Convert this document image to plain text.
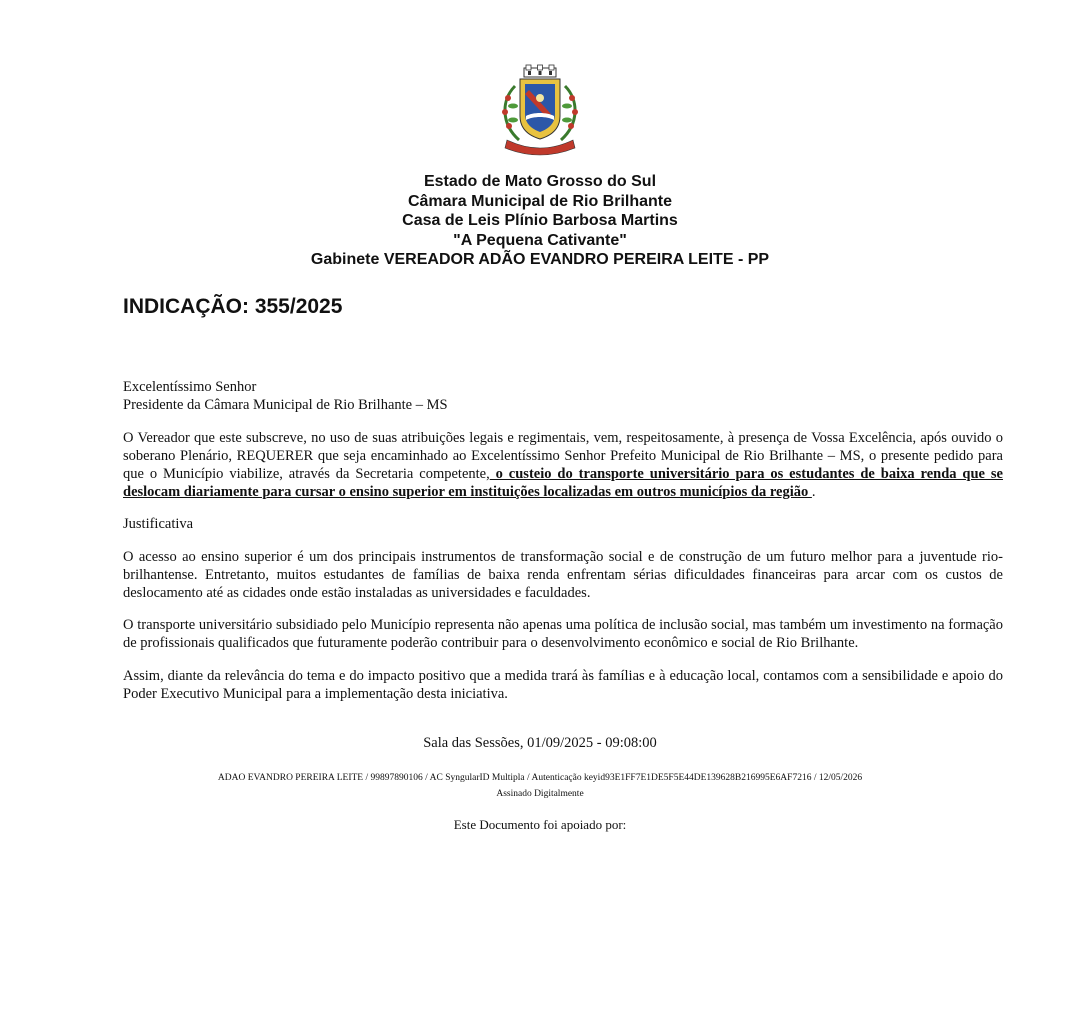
Estado de Mato Grosso do Sul
Câmara Municipal de Rio Brilhante
Casa de Leis Plínio Barbosa Martins
"A Pequena Cativante"
Gabinete VEREADOR ADÃO EVANDRO PEREIRA LEITE - PP
INDICAÇÃO: 355/2025
Excelentíssimo Senhor
Presidente da Câmara Municipal de Rio Brilhante – MS
O Vereador que este subscreve, no uso de suas atribuições legais e regimentais, vem, respeitosamente, à presença de Vossa Excelência, após ouvido o soberano Plenário, REQUERER que seja encaminhado ao Excelentíssimo Senhor Prefeito Municipal de Rio Brilhante – MS, o presente pedido para que o Município viabilize, através da Secretaria competente, o custeio do transporte universitário para os estudantes de baixa renda que se deslocam diariamente para cursar o ensino superior em instituições localizadas em outros municípios da região .
Justificativa
O acesso ao ensino superior é um dos principais instrumentos de transformação social e de construção de um futuro melhor para a juventude rio-brilhantense. Entretanto, muitos estudantes de famílias de baixa renda enfrentam sérias dificuldades financeiras para arcar com os custos de deslocamento até as cidades onde estão instaladas as universidades e faculdades.
O transporte universitário subsidiado pelo Município representa não apenas uma política de inclusão social, mas também um investimento na formação de profissionais qualificados que futuramente poderão contribuir para o desenvolvimento econômico e social de Rio Brilhante.
Assim, diante da relevância do tema e do impacto positivo que a medida trará às famílias e à educação local, contamos com a sensibilidade e apoio do Poder Executivo Municipal para a implementação desta iniciativa.
Sala das Sessões, 01/09/2025 - 09:08:00
ADAO EVANDRO PEREIRA LEITE / 99897890106 / AC SyngularID Multipla / Autenticação keyid93E1FF7E1DE5F5E44DE139628B216995E6AF7216 / 12/05/2026
Assinado Digitalmente
Este Documento foi apoiado por:
